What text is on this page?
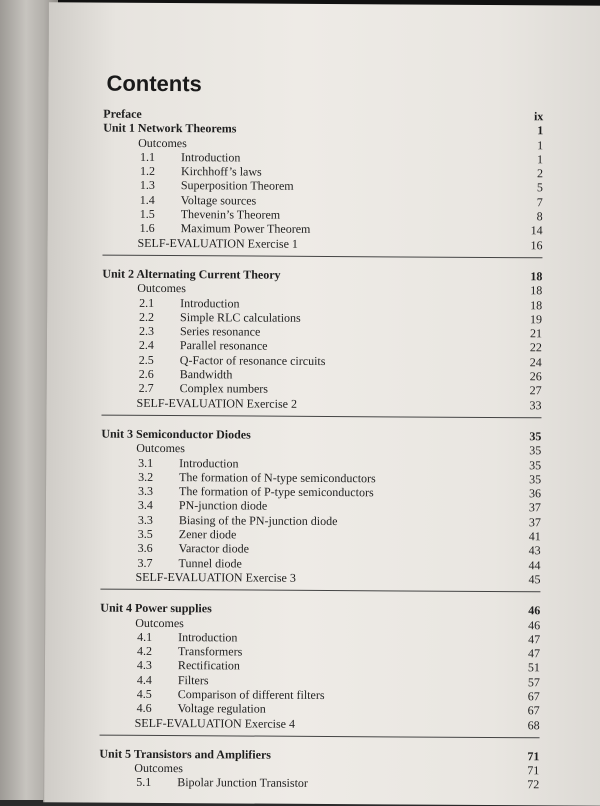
Contents
Preface	ix
Unit 1 Network Theorems	1
Outcomes	1
1.1 Introduction	1
1.2 Kirchhoff’s laws	2
1.3 Superposition Theorem	5
1.4 Voltage sources	7
1.5 Thevenin’s Theorem	8
1.6 Maximum Power Theorem	14
SELF-EVALUATION Exercise 1	16
Unit 2 Alternating Current Theory	18
Outcomes	18
2.1 Introduction	18
2.2 Simple RLC calculations	19
2.3 Series resonance	21
2.4 Parallel resonance	22
2.5 Q-Factor of resonance circuits	24
2.6 Bandwidth	26
2.7 Complex numbers	27
SELF-EVALUATION Exercise 2	33
Unit 3 Semiconductor Diodes	35
Outcomes	35
3.1 Introduction	35
3.2 The formation of N-type semiconductors	35
3.3 The formation of P-type semiconductors	36
3.4 PN-junction diode	37
3.3 Biasing of the PN-junction diode	37
3.5 Zener diode	41
3.6 Varactor diode	43
3.7 Tunnel diode	44
SELF-EVALUATION Exercise 3	45
Unit 4 Power supplies	46
Outcomes	46
4.1 Introduction	47
4.2 Transformers	47
4.3 Rectification	51
4.4 Filters	57
4.5 Comparison of different filters	67
4.6 Voltage regulation	67
SELF-EVALUATION Exercise 4	68
Unit 5 Transistors and Amplifiers	71
Outcomes	71
5.1 Bipolar Junction Transistor	72
